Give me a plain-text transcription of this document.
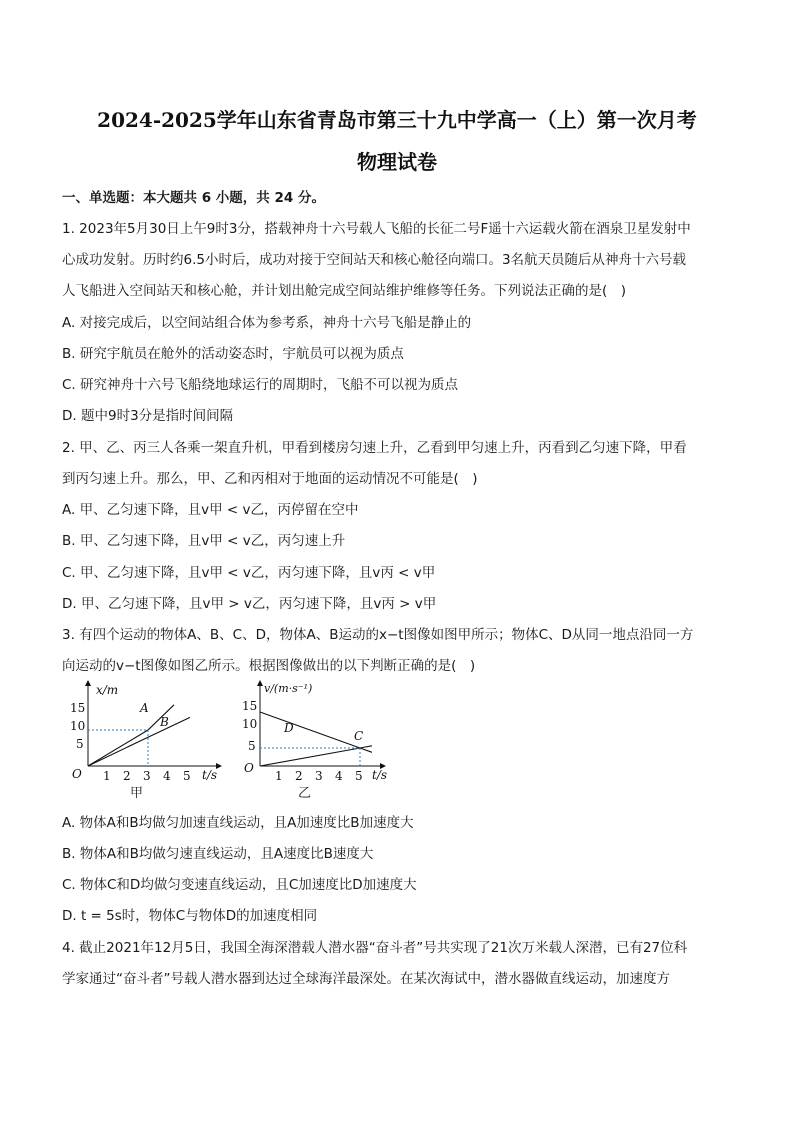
2024-2025学年山东省青岛市第三十九中学高一（上）第一次月考
物理试卷
一、单选题：本大题共 6 小题，共 24 分。
1. 2023年5月30日上午9时3分，搭载神舟十六号载人飞船的长征二号F遥十六运载火箭在酒泉卫星发射中
心成功发射。历时约6.5小时后，成功对接于空间站天和核心舱径向端口。3名航天员随后从神舟十六号载
人飞船进入空间站天和核心舱，并计划出舱完成空间站维护维修等任务。下列说法正确的是(　)
A. 对接完成后，以空间站组合体为参考系，神舟十六号飞船是静止的
B. 研究宇航员在舱外的活动姿态时，宇航员可以视为质点
C. 研究神舟十六号飞船绕地球运行的周期时，飞船不可以视为质点
D. 题中9时3分是指时间间隔
2. 甲、乙、丙三人各乘一架直升机，甲看到楼房匀速上升，乙看到甲匀速上升，丙看到乙匀速下降，甲看
到丙匀速上升。那么，甲、乙和丙相对于地面的运动情况不可能是(　)
A. 甲、乙匀速下降，且v甲 < v乙，丙停留在空中
B. 甲、乙匀速下降，且v甲 < v乙，丙匀速上升
C. 甲、乙匀速下降，且v甲 < v乙，丙匀速下降，且v丙 < v甲
D. 甲、乙匀速下降，且v甲 > v乙，丙匀速下降，且v丙 > v甲
3. 有四个运动的物体A、B、C、D，物体A、B运动的x−t图像如图甲所示；物体C、D从同一地点沿同一方
向运动的v−t图像如图乙所示。根据图像做出的以下判断正确的是(　)
x/m
t/s
O
15
10
5
1 2 3 4 5
A
B
甲
v/(m·s⁻¹)
t/s
O
15
10
5
1 2 3 4 5
D
C
乙
A. 物体A和B均做匀加速直线运动，且A加速度比B加速度大
B. 物体A和B均做匀速直线运动，且A速度比B速度大
C. 物体C和D均做匀变速直线运动，且C加速度比D加速度大
D. t = 5s时，物体C与物体D的加速度相同
4. 截止2021年12月5日，我国全海深潜载人潜水器“奋斗者”号共实现了21次万米载人深潜，已有27位科
学家通过“奋斗者”号载人潜水器到达过全球海洋最深处。在某次海试中，潜水器做直线运动，加速度方
